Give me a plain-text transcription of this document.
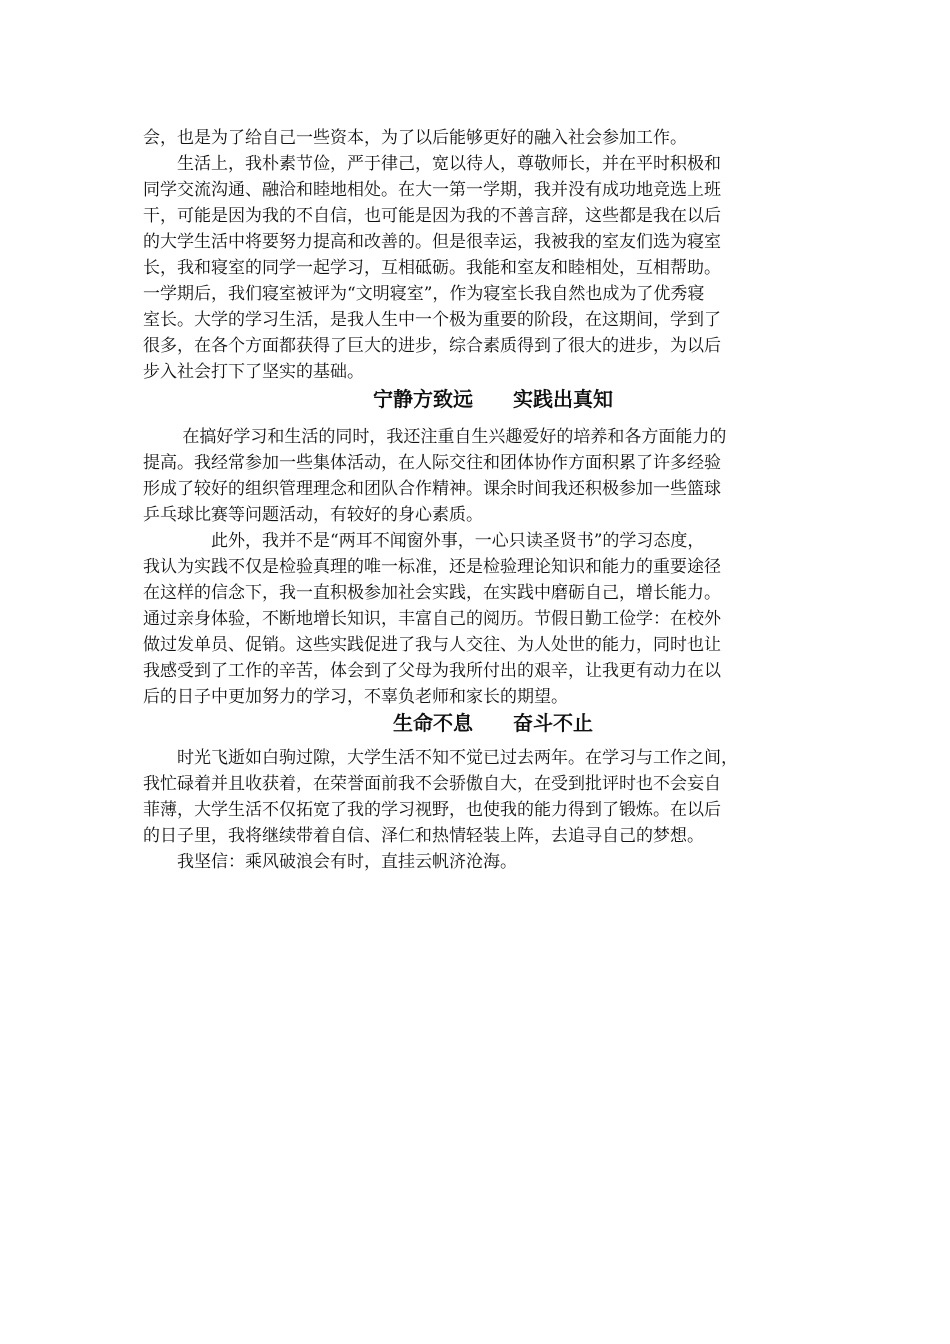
会，也是为了给自己一些资本，为了以后能够更好的融入社会参加工作。
　　生活上，我朴素节俭，严于律己，宽以待人，尊敬师长，并在平时积极和
同学交流沟通、融洽和睦地相处。在大一第一学期，我并没有成功地竞选上班
干，可能是因为我的不自信，也可能是因为我的不善言辞，这些都是我在以后
的大学生活中将要努力提高和改善的。但是很幸运，我被我的室友们选为寝室
长，我和寝室的同学一起学习，互相砥砺。我能和室友和睦相处，互相帮助。
一学期后，我们寝室被评为“文明寝室”，作为寝室长我自然也成为了优秀寝
室长。大学的学习生活，是我人生中一个极为重要的阶段，在这期间，学到了
很多，在各个方面都获得了巨大的进步，综合素质得到了很大的进步，为以后
步入社会打下了坚实的基础。
宁静方致远　　实践出真知
　　 在搞好学习和生活的同时，我还注重自生兴趣爱好的培养和各方面能力的
提高。我经常参加一些集体活动，在人际交往和团体协作方面积累了许多经验
形成了较好的组织管理理念和团队合作精神。课余时间我还积极参加一些篮球
乒乓球比赛等问题活动，有较好的身心素质。
　　　　此外，我并不是“两耳不闻窗外事，一心只读圣贤书”的学习态度，
我认为实践不仅是检验真理的唯一标准，还是检验理论知识和能力的重要途径
在这样的信念下，我一直积极参加社会实践，在实践中磨砺自己，增长能力。
通过亲身体验，不断地增长知识，丰富自己的阅历。节假日勤工俭学：在校外
做过发单员、促销。这些实践促进了我与人交往、为人处世的能力，同时也让
我感受到了工作的辛苦，体会到了父母为我所付出的艰辛，让我更有动力在以
后的日子中更加努力的学习，不辜负老师和家长的期望。
生命不息　　奋斗不止
　　时光飞逝如白驹过隙，大学生活不知不觉已过去两年。在学习与工作之间，
我忙碌着并且收获着，在荣誉面前我不会骄傲自大，在受到批评时也不会妄自
菲薄，大学生活不仅拓宽了我的学习视野，也使我的能力得到了锻炼。在以后
的日子里，我将继续带着自信、泽仁和热情轻装上阵，去追寻自己的梦想。
　　我坚信：乘风破浪会有时，直挂云帆济沧海。
